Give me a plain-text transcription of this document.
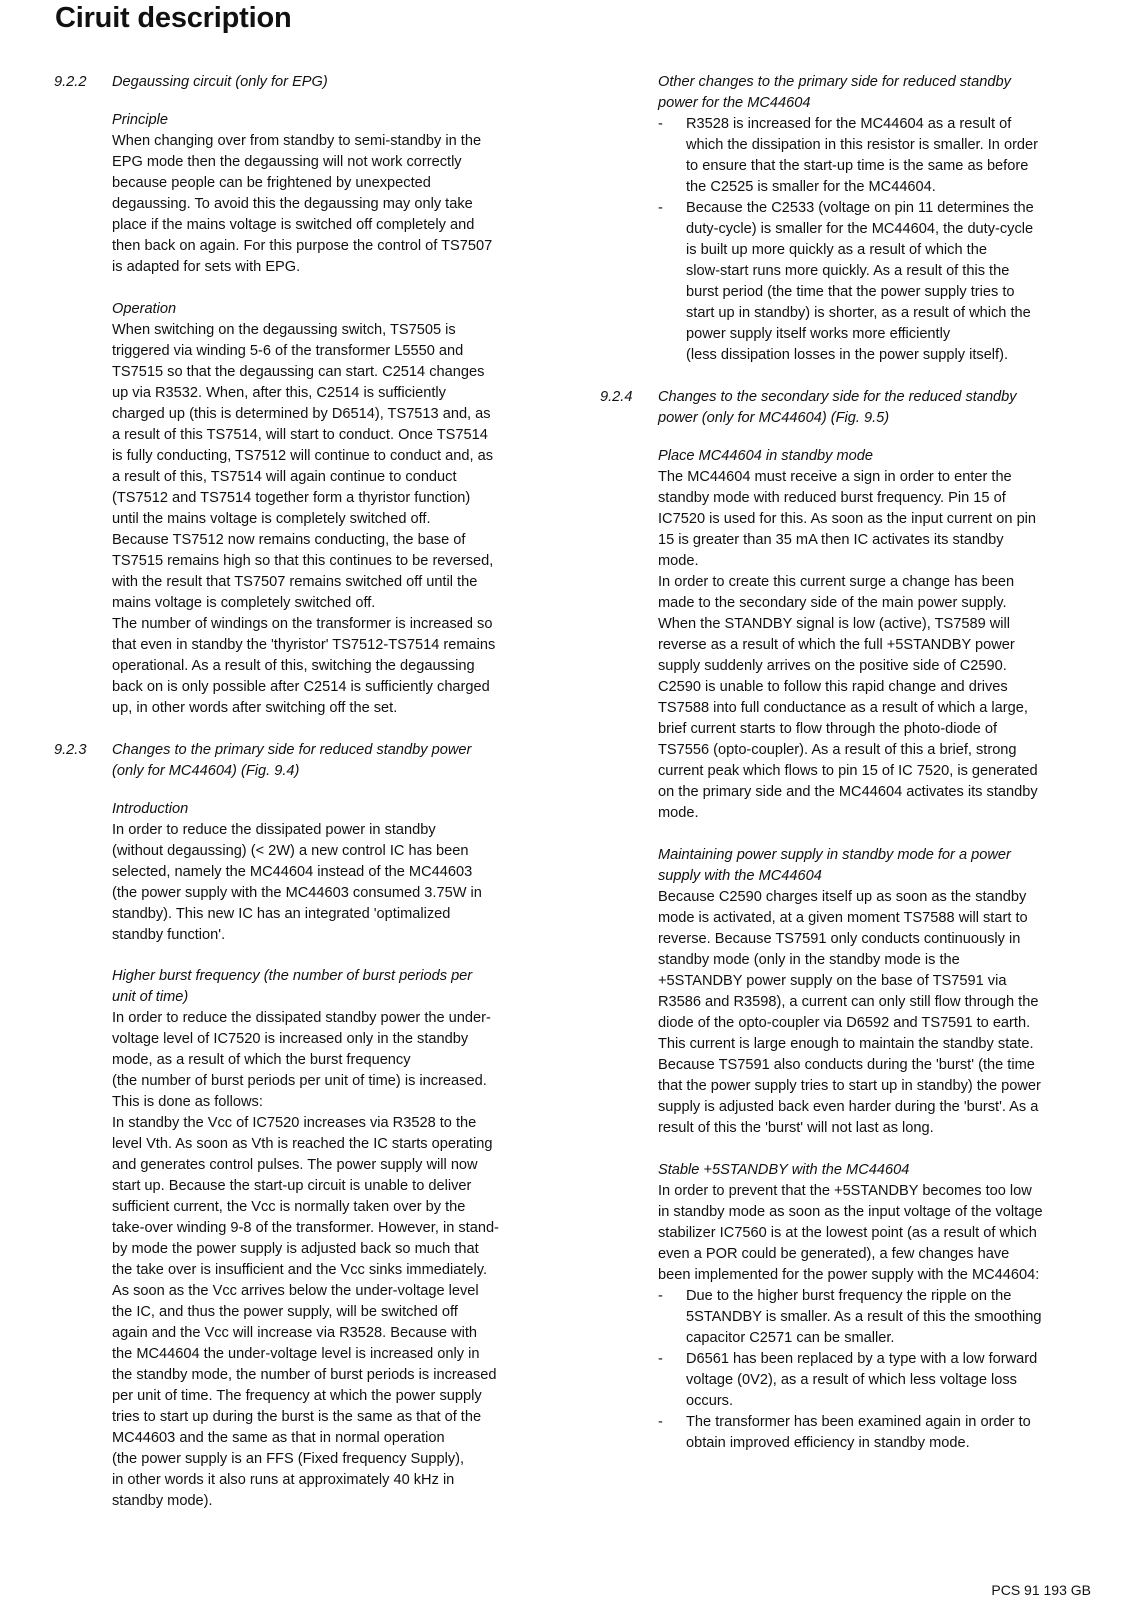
Ciruit description
9.2.2 Degaussing circuit (only for EPG)
Principle
When changing over from standby to semi-standby in the
EPG mode then the degaussing will not work correctly
because people can be frightened by unexpected
degaussing. To avoid this the degaussing may only take
place if the mains voltage is switched off completely and
then back on again. For this purpose the control of TS7507
is adapted for sets with EPG.
Operation
When switching on the degaussing switch, TS7505 is
triggered via winding 5-6 of the transformer L5550 and
TS7515 so that the degaussing can start. C2514 changes
up via R3532. When, after this, C2514 is sufficiently
charged up (this is determined by D6514), TS7513 and, as
a result of this TS7514, will start to conduct. Once TS7514
is fully conducting, TS7512 will continue to conduct and, as
a result of this, TS7514 will again continue to conduct
(TS7512 and TS7514 together form a thyristor function)
until the mains voltage is completely switched off.
Because TS7512 now remains conducting, the base of
TS7515 remains high so that this continues to be reversed,
with the result that TS7507 remains switched off until the
mains voltage is completely switched off.
The number of windings on the transformer is increased so
that even in standby the 'thyristor' TS7512-TS7514 remains
operational. As a result of this, switching the degaussing
back on is only possible after C2514 is sufficiently charged
up, in other words after switching off the set.
9.2.3 Changes to the primary side for reduced standby power
(only for MC44604) (Fig. 9.4)
Introduction
In order to reduce the dissipated power in standby
(without degaussing) (< 2W) a new control IC has been
selected, namely the MC44604 instead of the MC44603
(the power supply with the MC44603 consumed 3.75W in
standby). This new IC has an integrated 'optimalized
standby function'.
Higher burst frequency (the number of burst periods per
unit of time)
In order to reduce the dissipated standby power the under-
voltage level of IC7520 is increased only in the standby
mode, as a result of which the burst frequency
(the number of burst periods per unit of time) is increased.
This is done as follows:
In standby the Vcc of IC7520 increases via R3528 to the
level Vth. As soon as Vth is reached the IC starts operating
and generates control pulses. The power supply will now
start up. Because the start-up circuit is unable to deliver
sufficient current, the Vcc is normally taken over by the
take-over winding 9-8 of the transformer. However, in stand-
by mode the power supply is adjusted back so much that
the take over is insufficient and the Vcc sinks immediately.
As soon as the Vcc arrives below the under-voltage level
the IC, and thus the power supply, will be switched off
again and the Vcc will increase via R3528. Because with
the MC44604 the under-voltage level is increased only in
the standby mode, the number of burst periods is increased
per unit of time. The frequency at which the power supply
tries to start up during the burst is the same as that of the
MC44603 and the same as that in normal operation
(the power supply is an FFS (Fixed frequency Supply),
in other words it also runs at approximately 40 kHz in
standby mode).
Other changes to the primary side for reduced standby
power for the MC44604
- R3528 is increased for the MC44604 as a result of
which the dissipation in this resistor is smaller. In order
to ensure that the start-up time is the same as before
the C2525 is smaller for the MC44604.
- Because the C2533 (voltage on pin 11 determines the
duty-cycle) is smaller for the MC44604, the duty-cycle
is built up more quickly as a result of which the
slow-start runs more quickly. As a result of this the
burst period (the time that the power supply tries to
start up in standby) is shorter, as a result of which the
power supply itself works more efficiently
(less dissipation losses in the power supply itself).
9.2.4 Changes to the secondary side for the reduced standby
power (only for MC44604) (Fig. 9.5)
Place MC44604 in standby mode
The MC44604 must receive a sign in order to enter the
standby mode with reduced burst frequency. Pin 15 of
IC7520 is used for this. As soon as the input current on pin
15 is greater than 35 mA then IC activates its standby
mode.
In order to create this current surge a change has been
made to the secondary side of the main power supply.
When the STANDBY signal is low (active), TS7589 will
reverse as a result of which the full +5STANDBY power
supply suddenly arrives on the positive side of C2590.
C2590 is unable to follow this rapid change and drives
TS7588 into full conductance as a result of which a large,
brief current starts to flow through the photo-diode of
TS7556 (opto-coupler). As a result of this a brief, strong
current peak which flows to pin 15 of IC 7520, is generated
on the primary side and the MC44604 activates its standby
mode.
Maintaining power supply in standby mode for a power
supply with the MC44604
Because C2590 charges itself up as soon as the standby
mode is activated, at a given moment TS7588 will start to
reverse. Because TS7591 only conducts continuously in
standby mode (only in the standby mode is the
+5STANDBY power supply on the base of TS7591 via
R3586 and R3598), a current can only still flow through the
diode of the opto-coupler via D6592 and TS7591 to earth.
This current is large enough to maintain the standby state.
Because TS7591 also conducts during the 'burst' (the time
that the power supply tries to start up in standby) the power
supply is adjusted back even harder during the 'burst'. As a
result of this the 'burst' will not last as long.
Stable +5STANDBY with the MC44604
In order to prevent that the +5STANDBY becomes too low
in standby mode as soon as the input voltage of the voltage
stabilizer IC7560 is at the lowest point (as a result of which
even a POR could be generated), a few changes have
been implemented for the power supply with the MC44604:
- Due to the higher burst frequency the ripple on the
5STANDBY is smaller. As a result of this the smoothing
capacitor C2571 can be smaller.
- D6561 has been replaced by a type with a low forward
voltage (0V2), as a result of which less voltage loss
occurs.
- The transformer has been examined again in order to
obtain improved efficiency in standby mode.
PCS 91 193 GB
